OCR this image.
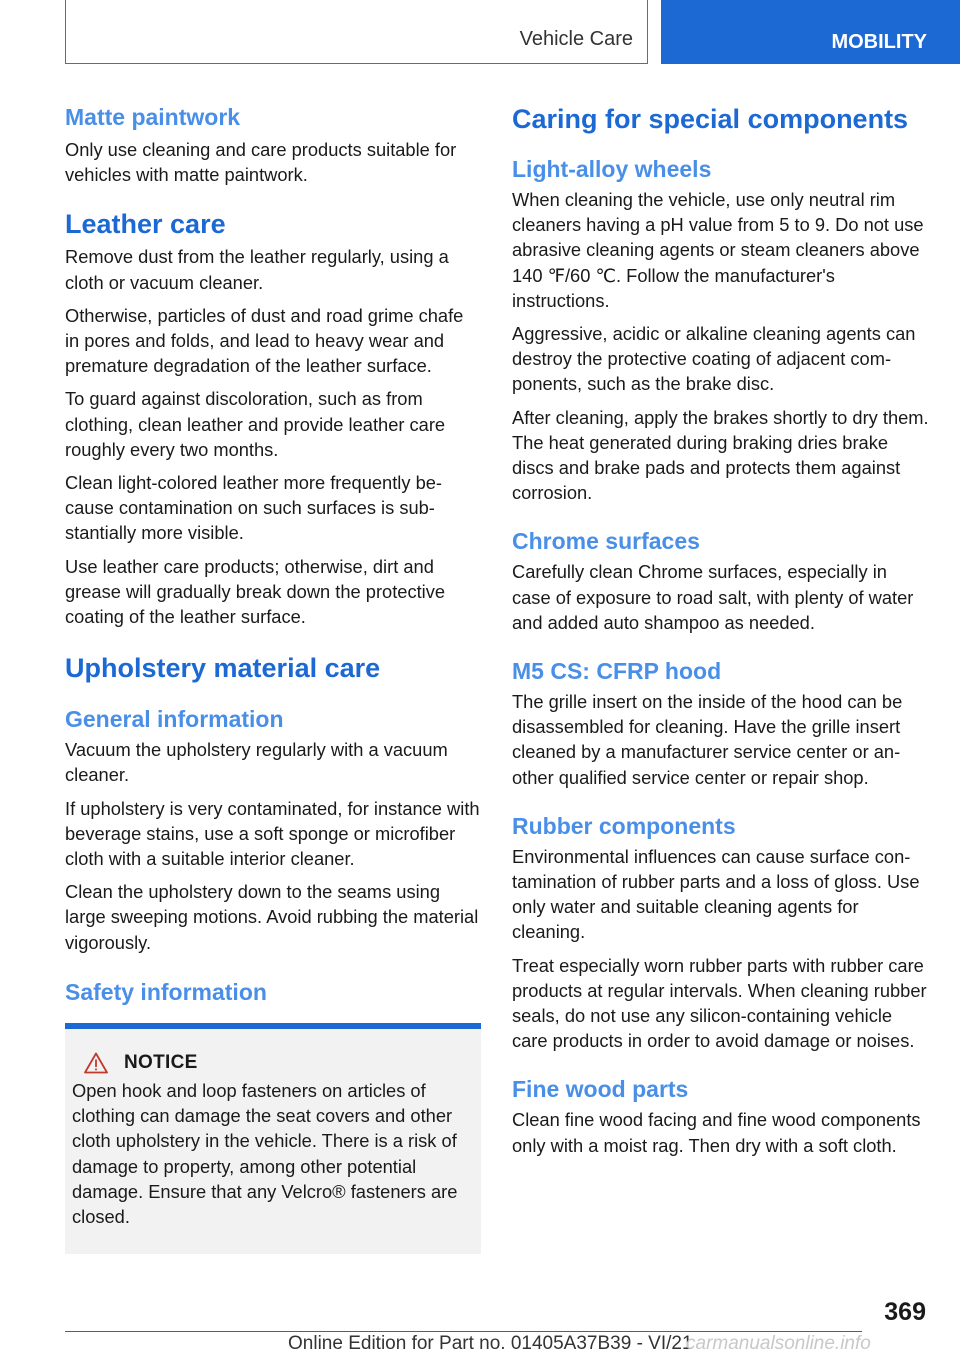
Vehicle Care	MOBILITY
Matte paintwork

Only use cleaning and care products suitable for vehicles with matte paintwork.

Leather care

Remove dust from the leather regularly, using a cloth or vacuum cleaner.

Otherwise, particles of dust and road grime chafe in pores and folds, and lead to heavy wear and premature degradation of the leather surface.

To guard against discoloration, such as from clothing, clean leather and provide leather care roughly every two months.

Clean light-colored leather more frequently because contamination on such surfaces is substantially more visible.

Use leather care products; otherwise, dirt and grease will gradually break down the protective coating of the leather surface.

Upholstery material care
General information

Vacuum the upholstery regularly with a vacuum cleaner.

If upholstery is very contaminated, for instance with beverage stains, use a soft sponge or microfiber cloth with a suitable interior cleaner.

Clean the upholstery down to the seams using large sweeping motions. Avoid rubbing the material vigorously.

Safety information
NOTICE

Open hook and loop fasteners on articles of clothing can damage the seat covers and other cloth upholstery in the vehicle. There is a risk of damage to property, among other potential damage. Ensure that any Velcro® fasteners are closed.

Caring for special components
Light-alloy wheels

When cleaning the vehicle, use only neutral rim cleaners having a pH value from 5 to 9. Do not use abrasive cleaning agents or steam cleaners above 140 ℉/60 ℃. Follow the manufacturer's instructions.

Aggressive, acidic or alkaline cleaning agents can destroy the protective coating of adjacent components, such as the brake disc.

After cleaning, apply the brakes shortly to dry them. The heat generated during braking dries brake discs and brake pads and protects them against corrosion.

Chrome surfaces

Carefully clean Chrome surfaces, especially in case of exposure to road salt, with plenty of water and added auto shampoo as needed.

M5 CS: CFRP hood

The grille insert on the inside of the hood can be disassembled for cleaning. Have the grille insert cleaned by a manufacturer service center or another qualified service center or repair shop.

Rubber components

Environmental influences can cause surface contamination of rubber parts and a loss of gloss. Use only water and suitable cleaning agents for cleaning.

Treat especially worn rubber parts with rubber care products at regular intervals. When cleaning rubber seals, do not use any silicon-containing vehicle care products in order to avoid damage or noises.

Fine wood parts

Clean fine wood facing and fine wood components only with a moist rag. Then dry with a soft cloth.

369
Online Edition for Part no. 01405A37B39 - VI/21
carmanualsonline.info
